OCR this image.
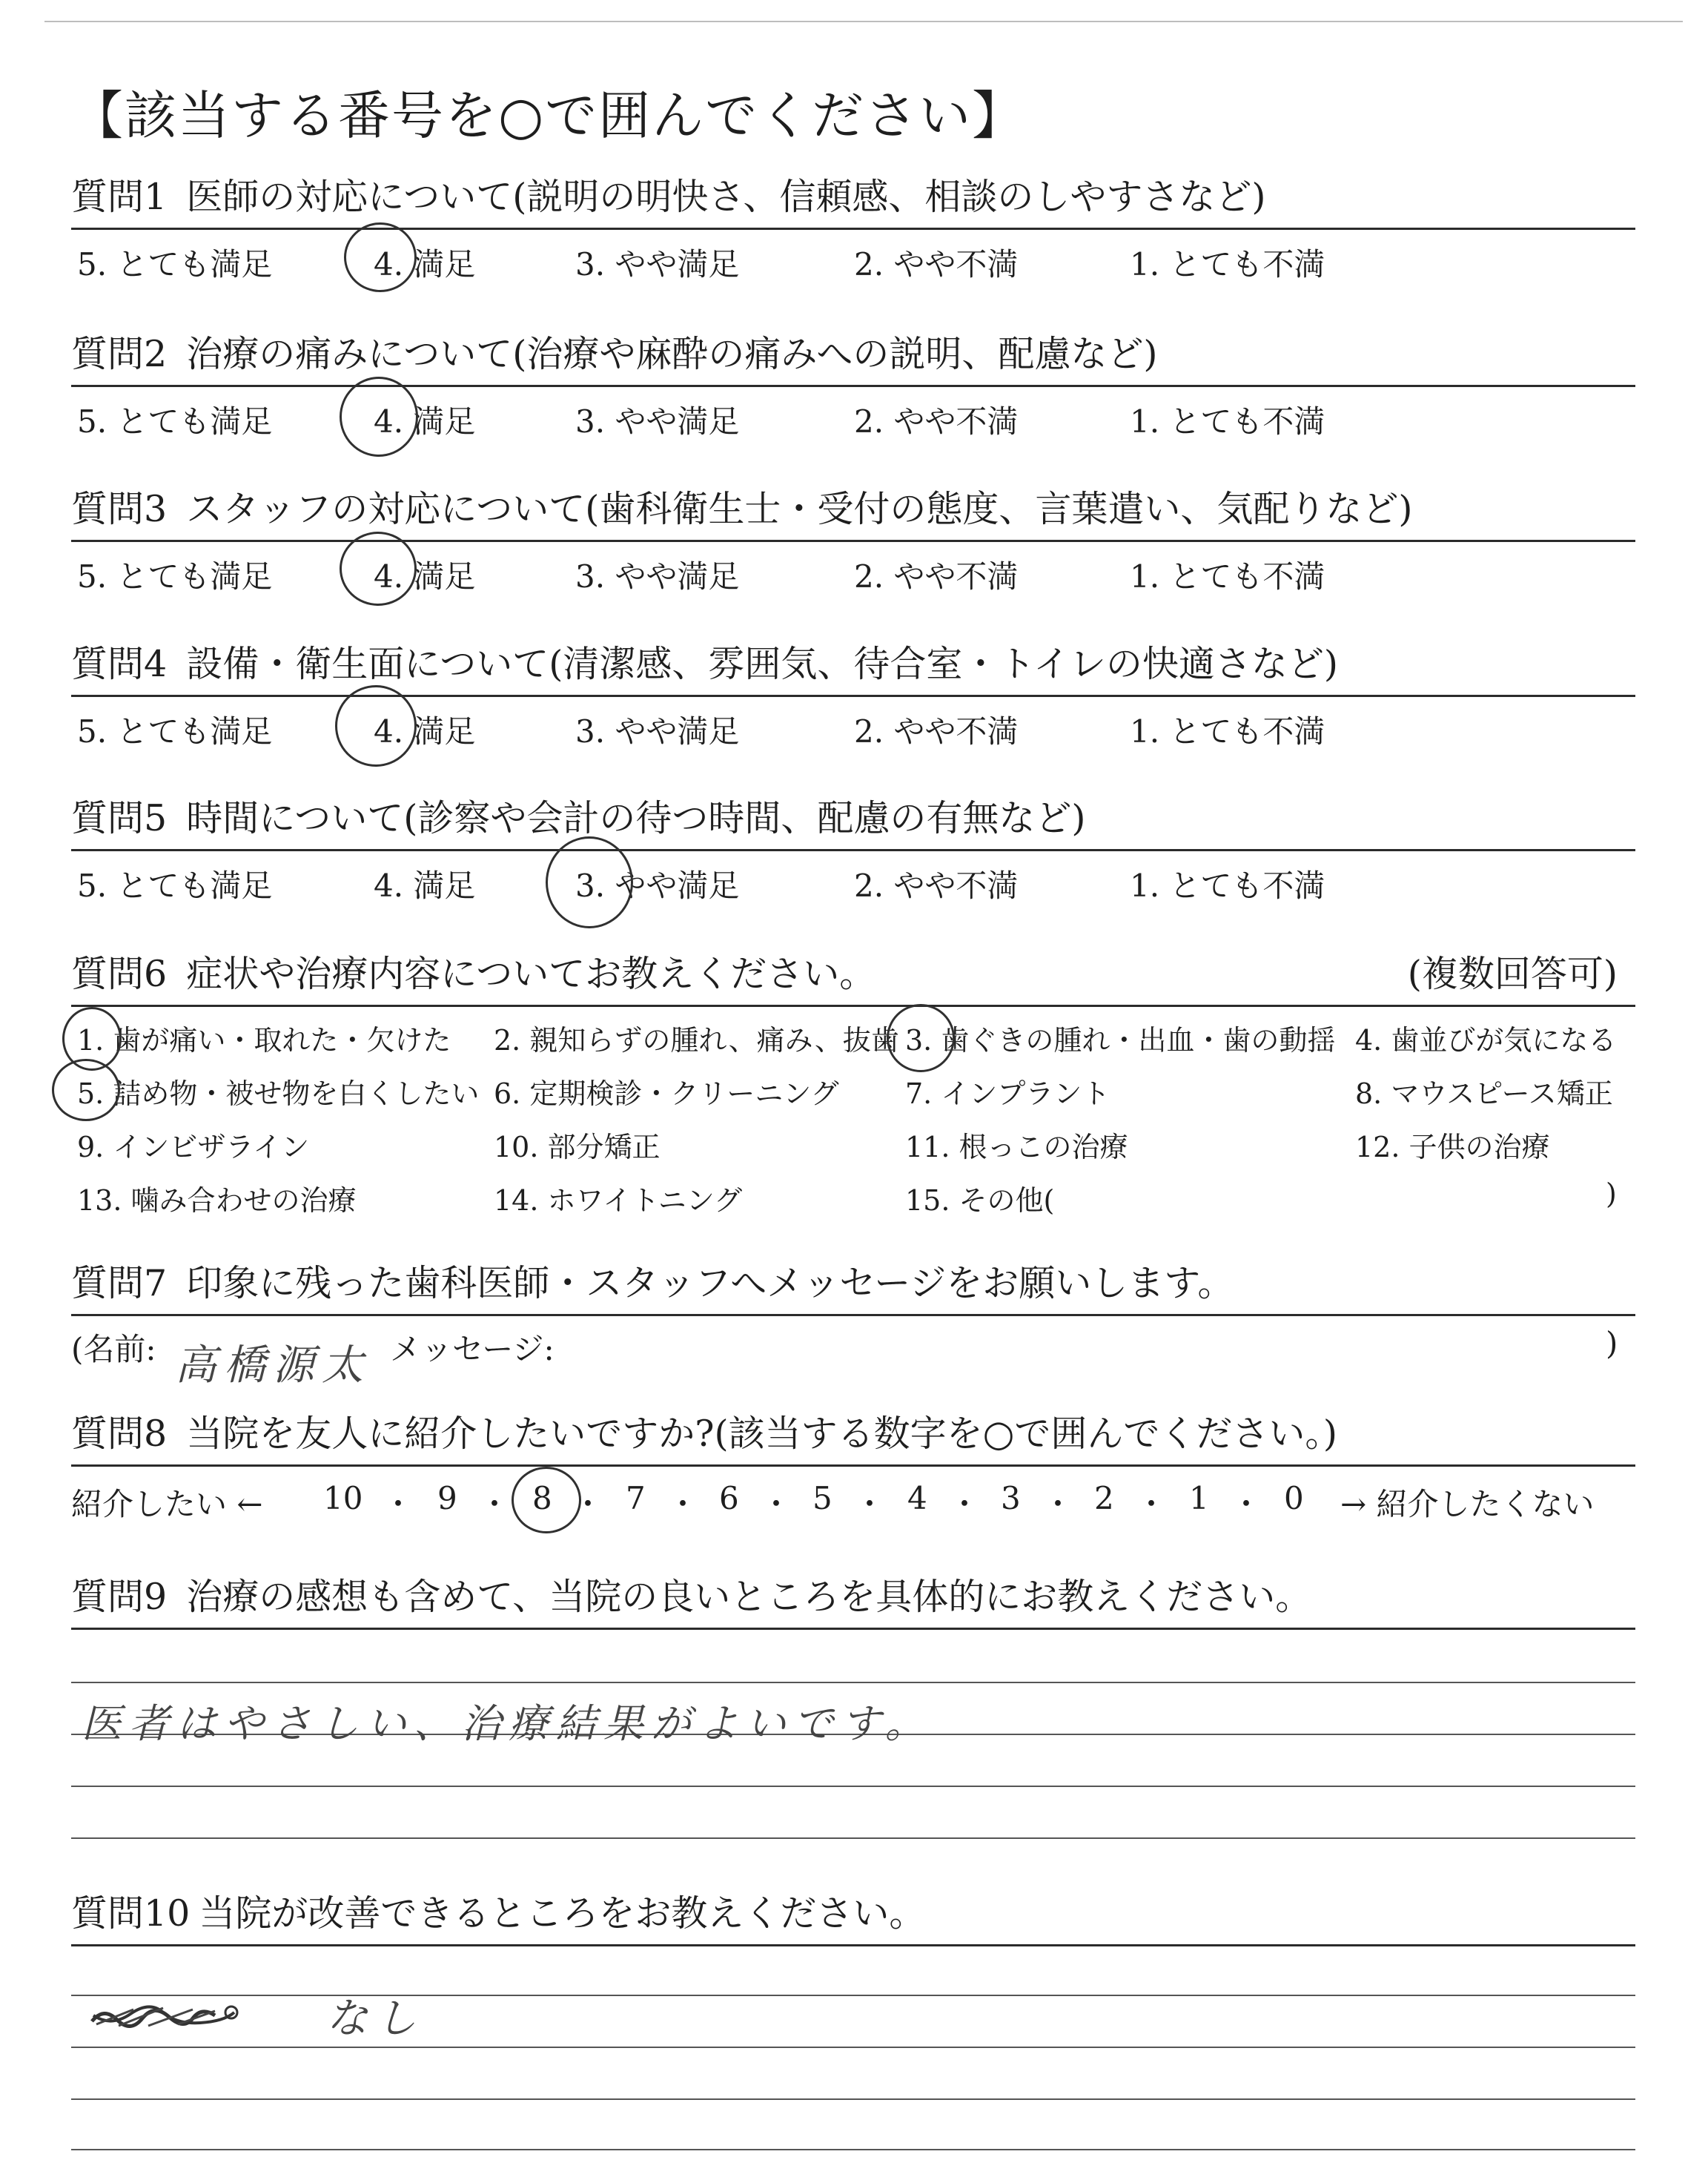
【該当する番号を○で囲んでください】
質問1 医師の対応について(説明の明快さ、信頼感、相談のしやすさなど)
5. とても満足	4. 満足	3. やや満足	2. やや不満	1. とても不満
質問2 治療の痛みについて(治療や麻酔の痛みへの説明、配慮など)
5. とても満足	4. 満足	3. やや満足	2. やや不満	1. とても不満
質問3 スタッフの対応について(歯科衛生士・受付の態度、言葉遣い、気配りなど)
5. とても満足	4. 満足	3. やや満足	2. やや不満	1. とても不満
質問4 設備・衛生面について(清潔感、雰囲気、待合室・トイレの快適さなど)
5. とても満足	4. 満足	3. やや満足	2. やや不満	1. とても不満
質問5 時間について(診察や会計の待つ時間、配慮の有無など)
5. とても満足	4. 満足	3. やや満足	2. やや不満	1. とても不満
質問6 症状や治療内容についてお教えください。	(複数回答可)
1. 歯が痛い・取れた・欠けた 2. 親知らずの腫れ、痛み、抜歯 3. 歯ぐきの腫れ・出血・歯の動揺 4. 歯並びが気になる
5. 詰め物・被せ物を白くしたい 6. 定期検診・クリーニング 7. インプラント	8. マウスピース矯正
9. インビザライン	10. 部分矯正	11. 根っこの治療	12. 子供の治療
13. 噛み合わせの治療	14. ホワイトニング	15. その他(	)
質問7 印象に残った歯科医師・スタッフへメッセージをお願いします。
(名前: 高橋源太 メッセージ:	)
質問8 当院を友人に紹介したいですか?(該当する数字を○で囲んでください。)
紹介したい ← 10 ・ 9 ・ 8 ・ 7 ・ 6 ・ 5 ・ 4 ・ 3 ・ 2 ・ 1 ・ 0 → 紹介したくない
質問9 治療の感想も含めて、当院の良いところを具体的にお教えください。
医者はやさしい、治療結果がよいです。
質問10 当院が改善できるところをお教えください。
なし
